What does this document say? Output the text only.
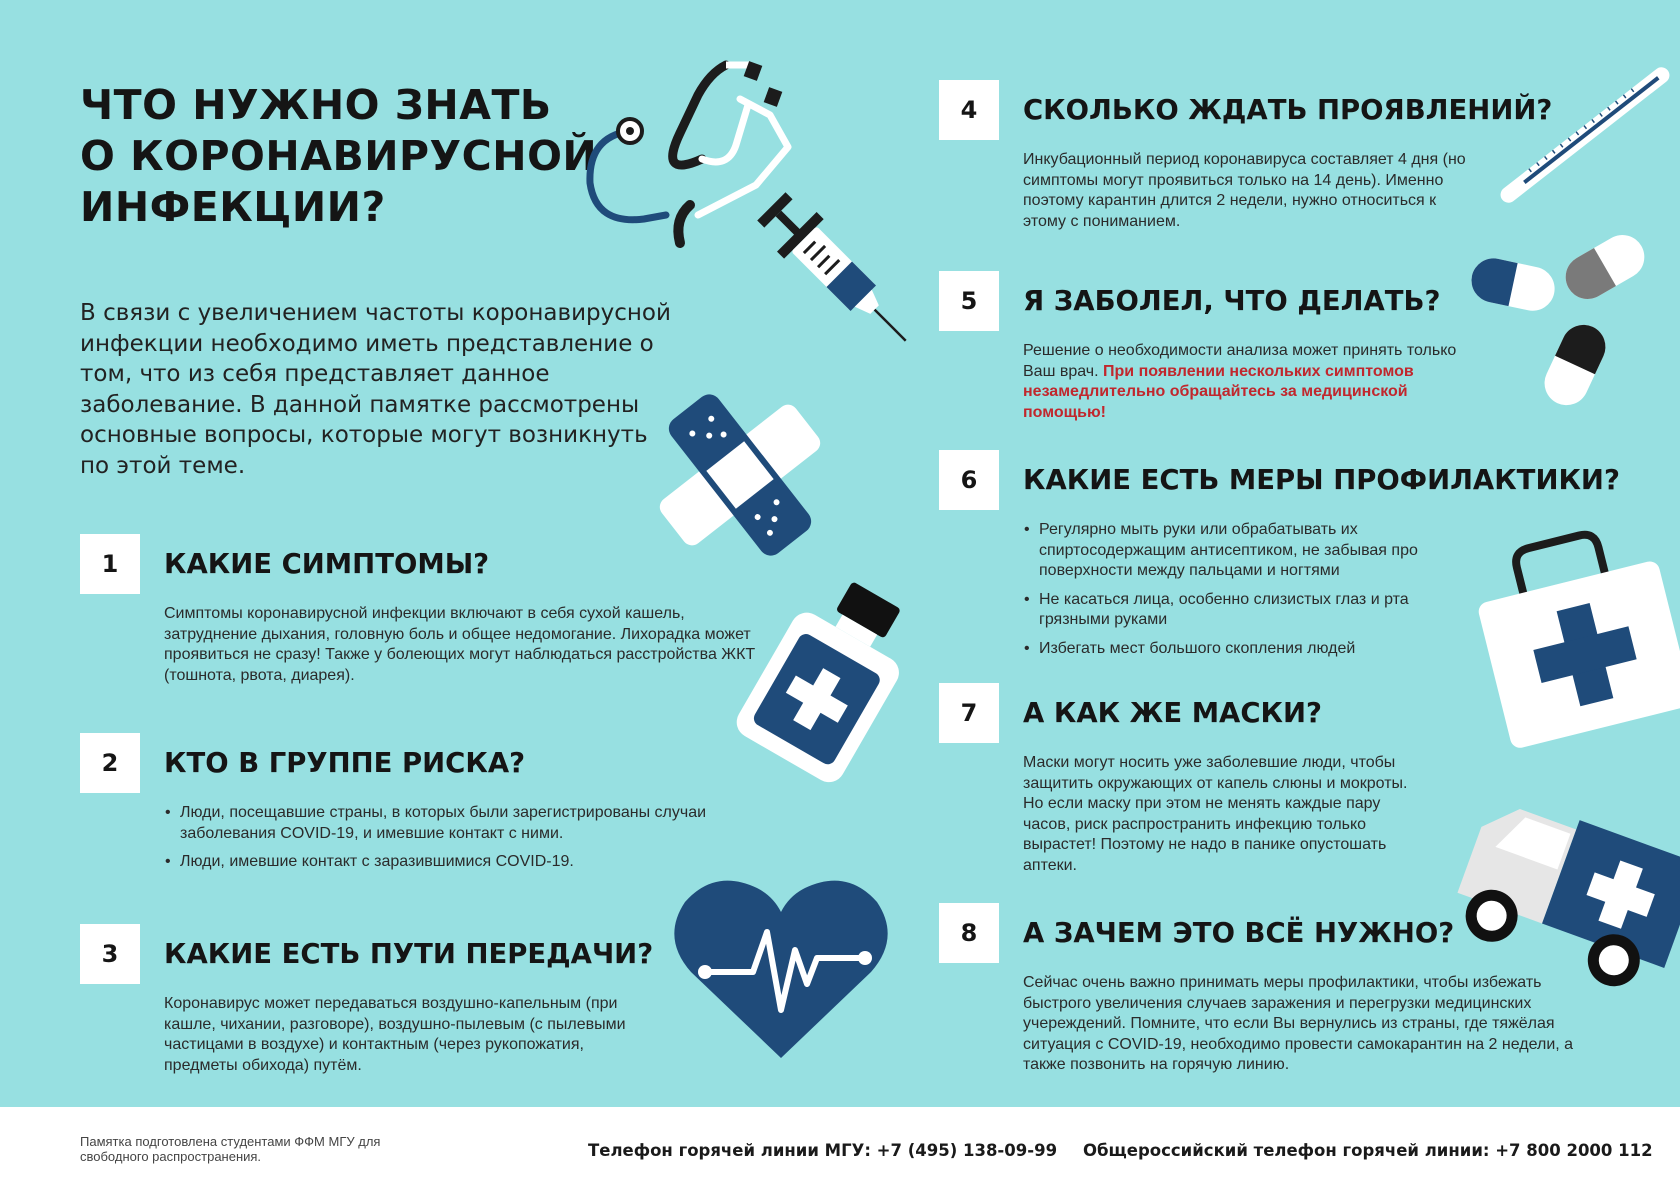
ЧТО НУЖНО ЗНАТЬ О КОРОНАВИРУСНОЙ ИНФЕКЦИИ?

В связи с увеличением частоты коронавирусной инфекции необходимо иметь представление о том, что из себя представляет данное заболевание. В данной памятке рассмотрены основные вопросы, которые могут возникнуть по этой теме.

1	КАКИЕ СИМПТОМЫ?

Симптомы коронавирусной инфекции включают в себя сухой кашель, затруднение дыхания, головную боль и общее недомогание. Лихорадка может проявиться не сразу! Также у болеющих могут наблюдаться расстройства ЖКТ (тошнота, рвота, диарея).

2	КТО В ГРУППЕ РИСКА?
• Люди, посещавшие страны, в которых были зарегистрированы случаи заболевания COVID-19, и имевшие контакт с ними.
• Люди, имевшие контакт с заразившимися COVID-19.
3	КАКИЕ ЕСТЬ ПУТИ ПЕРЕДАЧИ?

Коронавирус может передаваться воздушно-капельным (при кашле, чихании, разговоре), воздушно-пылевым (с пылевыми частицами в воздухе) и контактным (через рукопожатия, предметы обихода) путём.

4	СКОЛЬКО ЖДАТЬ ПРОЯВЛЕНИЙ?

Инкубационный период коронавируса составляет 4 дня (но симптомы могут проявиться только на 14 день). Именно поэтому карантин длится 2 недели, нужно относиться к этому с пониманием.

5	Я ЗАБОЛЕЛ, ЧТО ДЕЛАТЬ?

Решение о необходимости анализа может принять только Ваш врач. При появлении нескольких симптомов незамедлительно обращайтесь за медицинской помощью!

6	КАКИЕ ЕСТЬ МЕРЫ ПРОФИЛАКТИКИ?
• Регулярно мыть руки или обрабатывать их спиртосодержащим антисептиком, не забывая про поверхности между пальцами и ногтями
• Не касаться лица, особенно слизистых глаз и рта грязными руками
• Избегать мест большого скопления людей
7	А КАК ЖЕ МАСКИ?

Маски могут носить уже заболевшие люди, чтобы защитить окружающих от капель слюны и мокроты. Но если маску при этом не менять каждые пару часов, риск распространить инфекцию только вырастет! Поэтому не надо в панике опустошать аптеки.

8	А ЗАЧЕМ ЭТО ВСЁ НУЖНО?

Сейчас очень важно принимать меры профилактики, чтобы избежать быстрого увеличения случаев заражения и перегрузки медицинских учереждений. Помните, что если Вы вернулись из страны, где тяжёлая ситуация с COVID-19, необходимо провести самокарантин на 2 недели, а также позвонить на горячую линию.

Памятка подготовлена студентами ФФМ МГУ для свободного распространения.	Телефон горячей линии МГУ: +7 (495) 138-09-99 Общероссийский телефон горячей линии: +7 800 2000 112
